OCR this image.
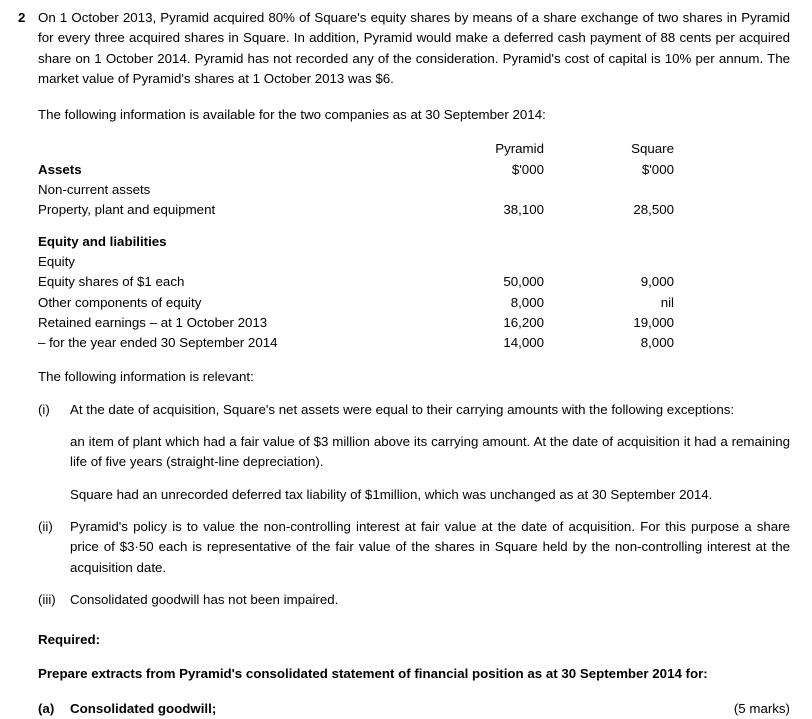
2 On 1 October 2013, Pyramid acquired 80% of Square's equity shares by means of a share exchange of two shares in Pyramid for every three acquired shares in Square. In addition, Pyramid would make a deferred cash payment of 88 cents per acquired share on 1 October 2014. Pyramid has not recorded any of the consideration. Pyramid's cost of capital is 10% per annum. The market value of Pyramid's shares at 1 October 2013 was $6.

The following information is available for the two companies as at 30 September 2014:

	Pyramid	Square
Assets	$'000	$'000
Non-current assets		
Property, plant and equipment	38,100	28,500

Equity and liabilities		
Equity		
Equity shares of $1 each	50,000	9,000
Other components of equity	8,000	nil
Retained earnings – at 1 October 2013	16,200	19,000
– for the year ended 30 September 2014	14,000	8,000

The following information is relevant:

(i) At the date of acquisition, Square's net assets were equal to their carrying amounts with the following exceptions:

an item of plant which had a fair value of $3 million above its carrying amount. At the date of acquisition it had a remaining life of five years (straight-line depreciation).

Square had an unrecorded deferred tax liability of $1million, which was unchanged as at 30 September 2014.

(ii) Pyramid's policy is to value the non-controlling interest at fair value at the date of acquisition. For this purpose a share price of $3·50 each is representative of the fair value of the shares in Square held by the non-controlling interest at the acquisition date.

(iii) Consolidated goodwill has not been impaired.

Required:
Prepare extracts from Pyramid's consolidated statement of financial position as at 30 September 2014 for:
(a) Consolidated goodwill;	(5 marks)
